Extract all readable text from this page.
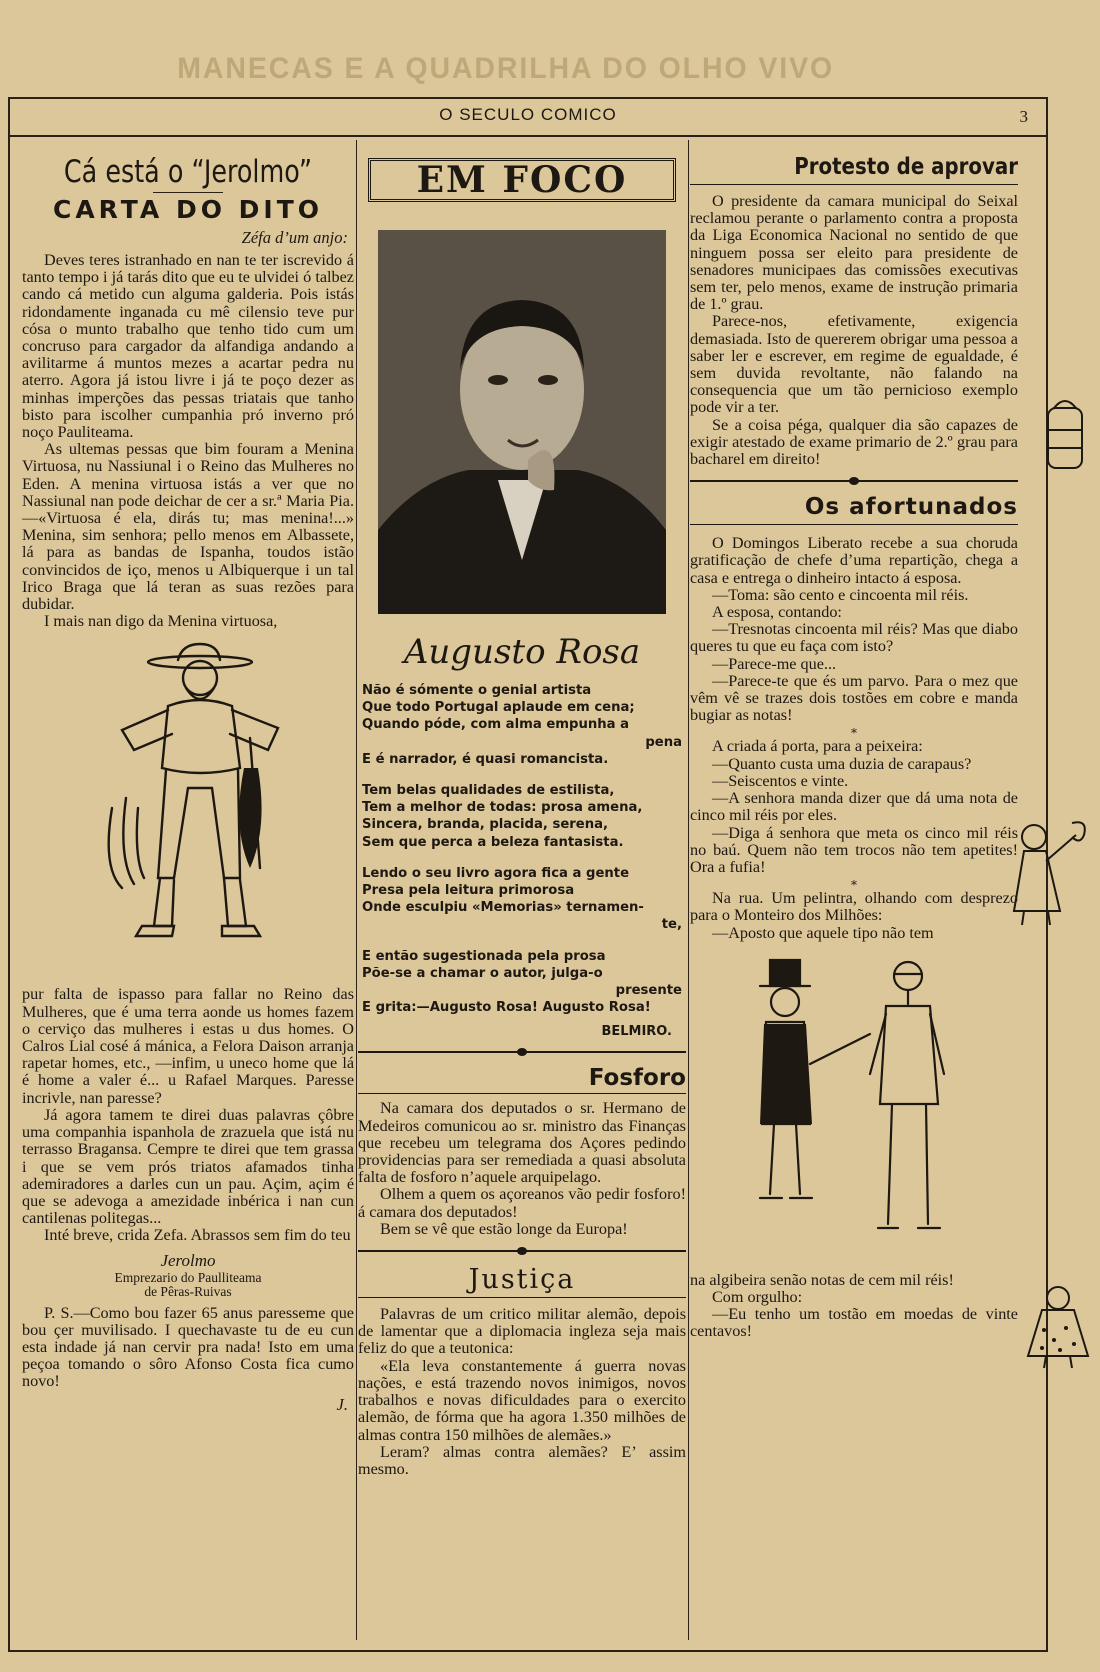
MANECAS E A QUADRILHA DO OLHO VIVO
O SECULO COMICO	3
Cá está o “Jerolmo”
CARTA DO DITO
Zéfa d’um anjo:

Deves teres istranhado en nan te ter iscrevido á tanto tempo i já tarás dito que eu te ulvidei ó talbez cando cá metido cun alguma galderia. Pois istás ridondamente inganada cu mê cilensio teve pur cósa o munto trabalho que tenho tido cum um concruso para cargador da alfandiga andando a avilitarme á muntos mezes a acartar pedra nu aterro. Agora já istou livre i já te poço dezer as minhas imperções das pessas triatais que tanho bisto para iscolher cumpanhia pró inverno pró noço Pauliteama.

As ultemas pessas que bim fouram a Menina Virtuosa, nu Nassiunal i o Reino das Mulheres no Eden. A menina virtuosa istás a ver que no Nassiunal nan pode deichar de cer a sr.ª Maria Pia.—«Virtuosa é ela, dirás tu; mas menina!...» Menina, sim senhora; pello menos em Albassete, lá para as bandas de Ispanha, toudos istão convincidos de iço, menos u Albiquerque i un tal Irico Braga que lá teran as suas rezões para dubidar.

I mais nan digo da Menina virtuosa,

pur falta de ispasso para fallar no Reino das Mulheres, que é uma terra aonde us homes fazem o cerviço das mulheres i estas u dus homes. O Calros Lial cosé á mánica, a Felora Daison arranja rapetar homes, etc., —infim, u uneco home que lá é home a valer é... u Rafael Marques. Paresse incrivle, nan paresse?

Já agora tamem te direi duas palavras çôbre uma companhia ispanhola de zrazuela que istá nu terrasso Bragansa. Cempre te direi que tem grassa i que se vem prós triatos afamados tinha ademiradores a darles cun un pau. Açim, açim é que se adevoga a amezidade inbérica i nan cun cantilenas politegas...

Inté breve, crida Zefa. Abrassos sem fim do teu

Jerolmo
Emprezario do Paulliteama
de Pêras-Ruivas

P. S.—Como bou fazer 65 anus paresseme que bou çer muvilisado. I quechavaste tu de eu cun esta indade já nan cervir pra nada! Isto em uma peçoa tomando o sôro Afonso Costa fica cumo novo!

J.
EM FOCO
Augusto Rosa
Não é sómente o genial artista
Que todo Portugal aplaude em cena;
Quando póde, com alma empunha a
pena
E é narrador, é quasi romancista.
Tem belas qualidades de estilista,
Tem a melhor de todas: prosa amena,
Sincera, branda, placida, serena,
Sem que perca a beleza fantasista.
Lendo o seu livro agora fica a gente
Presa pela leitura primorosa
Onde esculpiu «Memorias» ternamen-
te,
E então sugestionada pela prosa
Põe-se a chamar o autor, julga-o
presente
E grita:—Augusto Rosa! Augusto Rosa!
BELMIRO.
Fosforo

Na camara dos deputados o sr. Hermano de Medeiros comunicou ao sr. ministro das Finanças que recebeu um telegrama dos Açores pedindo providencias para ser remediada a quasi absoluta falta de fosforo n’aquele arquipelago.

Olhem a quem os açoreanos vão pedir fosforo! á camara dos deputados!

Bem se vê que estão longe da Europa!

Justiça

Palavras de um critico militar alemão, depois de lamentar que a diplomacia ingleza seja mais feliz do que a teutonica:

«Ela leva constantemente á guerra novas nações, e está trazendo novos inimigos, novos trabalhos e novas dificuldades para o exercito alemão, de fórma que ha agora 1.350 milhões de almas contra 150 milhões de alemães.»

Leram? almas contra alemães? E’ assim mesmo.

Protesto de aprovar

O presidente da camara municipal do Seixal reclamou perante o parlamento contra a proposta da Liga Economica Nacional no sentido de que ninguem possa ser eleito para presidente de senadores municipaes das comissões executivas sem ter, pelo menos, exame de instrução primaria de 1.º grau.

Parece-nos, efetivamente, exigencia demasiada. Isto de quererem obrigar uma pessoa a saber ler e escrever, em regime de egualdade, é sem duvida revoltante, não falando na consequencia que um tão pernicioso exemplo pode vir a ter.

Se a coisa péga, qualquer dia são capazes de exigir atestado de exame primario de 2.º grau para bacharel em direito!

Os afortunados

O Domingos Liberato recebe a sua choruda gratificação de chefe d’uma repartição, chega a casa e entrega o dinheiro intacto á esposa.

—Toma: são cento e cincoenta mil réis.

A esposa, contando:

—Tresnotas cincoenta mil réis? Mas que diabo queres tu que eu faça com isto?

—Parece-me que...

—Parece-te que és um parvo. Para o mez que vêm vê se trazes dois tostões em cobre e manda bugiar as notas!

*

A criada á porta, para a peixeira:

—Quanto custa uma duzia de carapaus?

—Seiscentos e vinte.

—A senhora manda dizer que dá uma nota de cinco mil réis por eles.

—Diga á senhora que meta os cinco mil réis no baú. Quem não tem trocos não tem apetites! Ora a fufia!

*

Na rua. Um pelintra, olhando com desprezo para o Monteiro dos Milhões:

—Aposto que aquele tipo não tem

na algibeira senão notas de cem mil réis!

Com orgulho:

—Eu tenho um tostão em moedas de vinte centavos!
